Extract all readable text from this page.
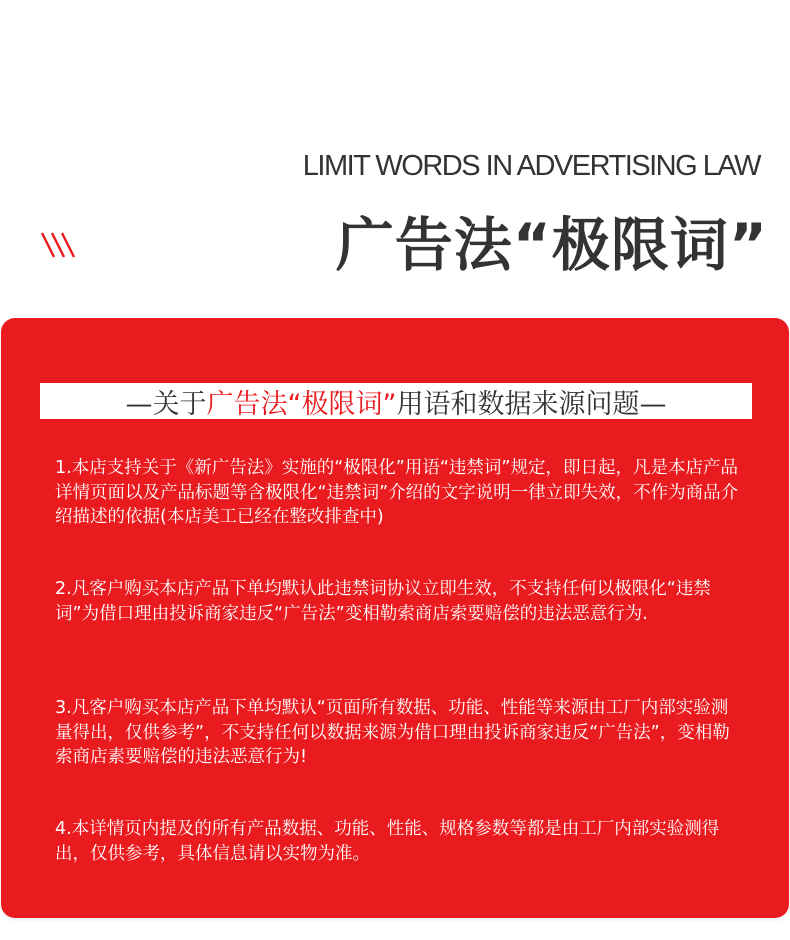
LIMIT WORDS IN ADVERTISING LAW
广告法“极限词”
—关于 广告法“极限词” 用语和数据来源问题—
1.本店支持关于《新广告法》实施的“极限化”用语“违禁词”规定，即日起，凡是本店产品详情页面以及产品标题等含极限化“违禁词”介绍的文字说明一律立即失效，不作为商品介绍描述的依据(本店美工已经在整改排查中)
2.凡客户购买本店产品下单均默认此违禁词协议立即生效，不支持任何以极限化“违禁词”为借口理由投诉商家违反“广告法”变相勒索商店索要赔偿的违法恶意行为.
3.凡客户购买本店产品下单均默认“页面所有数据、功能、性能等来源由工厂内部实验测量得出，仅供参考”，不支持任何以数据来源为借口理由投诉商家违反“广告法”，变相勒索商店素要赔偿的违法恶意行为!
4.本详情页内提及的所有产品数据、功能、性能、规格参数等都是由工厂内部实验测得出，仅供参考，具体信息请以实物为准。
